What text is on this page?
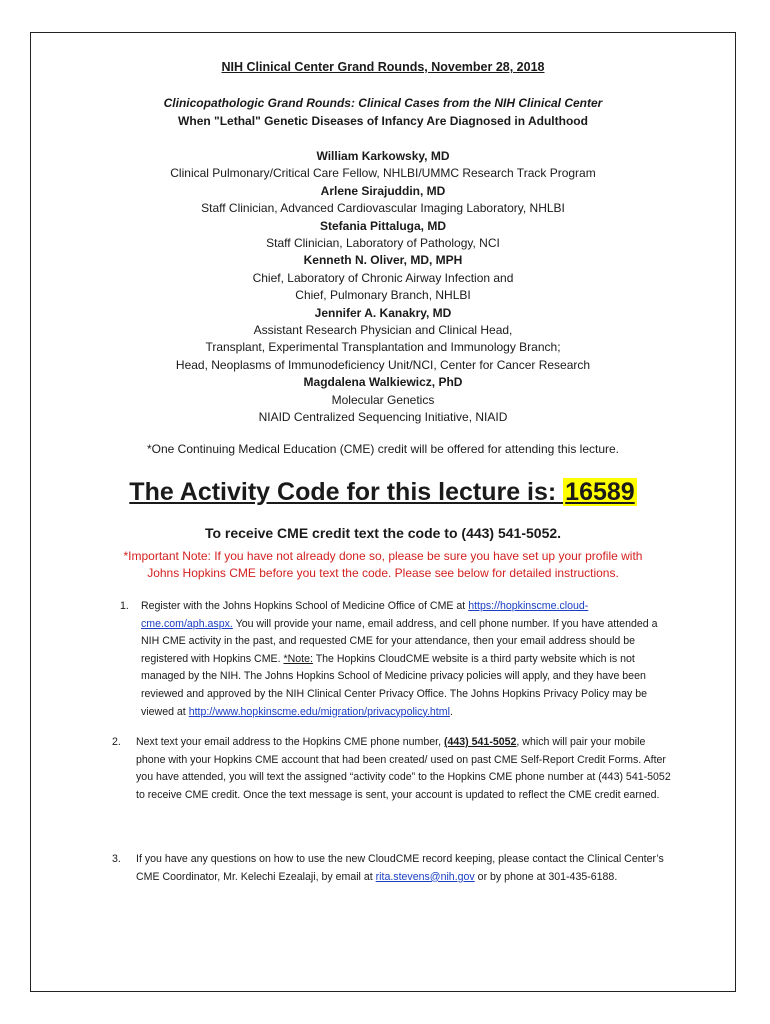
NIH Clinical Center Grand Rounds, November 28, 2018
Clinicopathologic Grand Rounds: Clinical Cases from the NIH Clinical Center
When "Lethal" Genetic Diseases of Infancy Are Diagnosed in Adulthood
William Karkowsky, MD
Clinical Pulmonary/Critical Care Fellow, NHLBI/UMMC Research Track Program
Arlene Sirajuddin, MD
Staff Clinician, Advanced Cardiovascular Imaging Laboratory, NHLBI
Stefania Pittaluga, MD
Staff Clinician, Laboratory of Pathology, NCI
Kenneth N. Oliver, MD, MPH
Chief, Laboratory of Chronic Airway Infection and
Chief, Pulmonary Branch, NHLBI
Jennifer A. Kanakry, MD
Assistant Research Physician and Clinical Head,
Transplant, Experimental Transplantation and Immunology Branch;
Head, Neoplasms of Immunodeficiency Unit/NCI, Center for Cancer Research
Magdalena Walkiewicz, PhD
Molecular Genetics
NIAID Centralized Sequencing Initiative, NIAID
*One Continuing Medical Education (CME) credit will be offered for attending this lecture.
The Activity Code for this lecture is: 16589
To receive CME credit text the code to (443) 541-5052.
*Important Note: If you have not already done so, please be sure you have set up your profile with
Johns Hopkins CME before you text the code. Please see below for detailed instructions.
1. Register with the Johns Hopkins School of Medicine Office of CME at https://hopkinscme.cloud-cme.com/aph.aspx. You will provide your name, email address, and cell phone number. If you have attended a NIH CME activity in the past, and requested CME for your attendance, then your email address should be registered with Hopkins CME. *Note: The Hopkins CloudCME website is a third party website which is not managed by the NIH. The Johns Hopkins School of Medicine privacy policies will apply, and they have been reviewed and approved by the NIH Clinical Center Privacy Office. The Johns Hopkins Privacy Policy may be viewed at http://www.hopkinscme.edu/migration/privacypolicy.html.
2. Next text your email address to the Hopkins CME phone number, (443) 541-5052, which will pair your mobile phone with your Hopkins CME account that had been created/ used on past CME Self-Report Credit Forms. After you have attended, you will text the assigned “activity code” to the Hopkins CME phone number at (443) 541-5052 to receive CME credit. Once the text message is sent, your account is updated to reflect the CME credit earned.
3. If you have any questions on how to use the new CloudCME record keeping, please contact the Clinical Center’s CME Coordinator, Mr. Kelechi Ezealaji, by email at rita.stevens@nih.gov or by phone at 301-435-6188.
